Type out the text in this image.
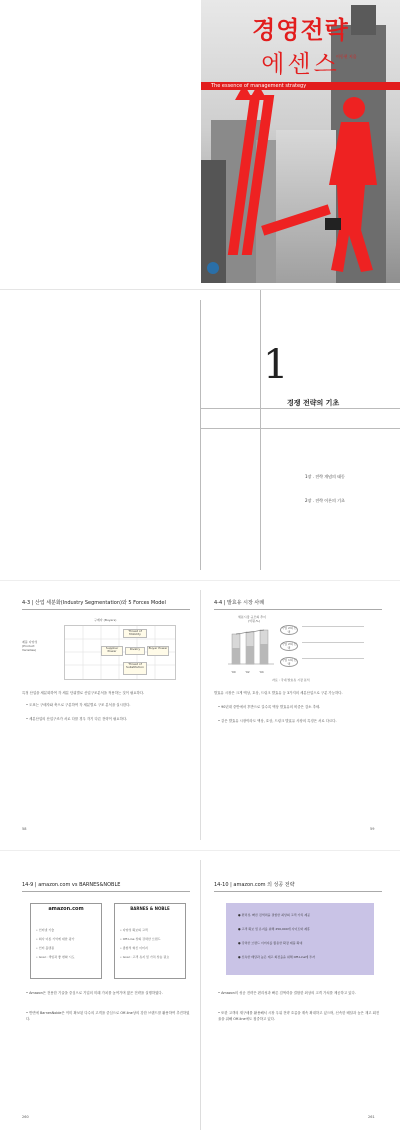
경영전략
에센스
이동현 지음
The essence of management strategy
1
경쟁 전략의 기초
1장 . 전략 개념의 태동
2장 . 전략 이론의 기초
4-3 | 산업 세분화(Industry Segmentation)와 5 Forces Model
구매자 (Buyers)
제품 다양성 (Product Varieties)
Threat of Mobility
Supplier Power	Rivalry	Buyer Power
Threat of Substitution
특정 산업을 세분화하여 각 세분 단위별로 산업구조분석을 적용하는 것이 필요하다.
• 도표는 구매자와 축으로 구분하여 각 세분별로 구조 분석을 실시한다.
• 세분산업의 산업구조가 서로 다를 경우 각기 다른 전략이 필요하다.
58
4-4 | 발효유 시장 사례
세분시장 규모의 추이
(억원,%)
'90	'92	'94
기업 2의 선택
기업 2의 선택
기업 1의 선택
자료 : 국내 발효유 시장 분석
발효유 시장은 크게 액상, 호상, 드링크 발효유 등 3가지의 세분산업으로 구분 가능하다.
• 90년대 중반에서 후반으로 갈수록 액상 발효유의 비중은 감소 추세.
• 같은 발효유 시장이라도 액상, 호상, 드링크 발효유 사장의 특징은 서로 다르다.
59
14-9 | amazon.com vs BARNES&NOBLE
amazon.com
• 인터넷 기술
• 회사 이름 기억에 대한 평가
• 인터 플랫폼
• Goal : 책임과 좋 변화 시도
BARNES & NOBLE
• 다양성 확보의 고객
• Off-Line 상의 강력한 브랜드
• 종합적 혁신 이미지
• Goal : 고객 유지 및 가치 상승 필요
• Amazon은 전용한 기술을 중심으로 기업의 미래 가치를 높여가며 많은 전략을 실행하였다.
• 반면에 BarnesNoble은 이미 확보된 다수의 고객을 중심으로 Off-line상의 강한 브랜드를 활용하여 추진하였다.
260
14-10 | amazon.com 의 성공 전략
● 편리성, 빠른 검색력을 결합한 최상의 고객 가치 제공
● 고객 확보 및 유지를 위해 250,000개 사이트와 제휴
● 강력한 브랜드 이미지를 활용한 확장 제품 확대
● 신속한 배달과 높은 재고 회전율을 위해 Off-Line에 투자
• Amazon의 성공 전략은 편리성과 빠른 검색력을 결합한 최상의 고객 가치를 제공하고 있다.
• 또한 고객의 재구매를 활용해서 시장 우위 전략 흐름을 계속 확대하고 있으며, 신속한 배달과 높은 재고 회전율을 위해 Off-line에도 집중하고 있다.
261
